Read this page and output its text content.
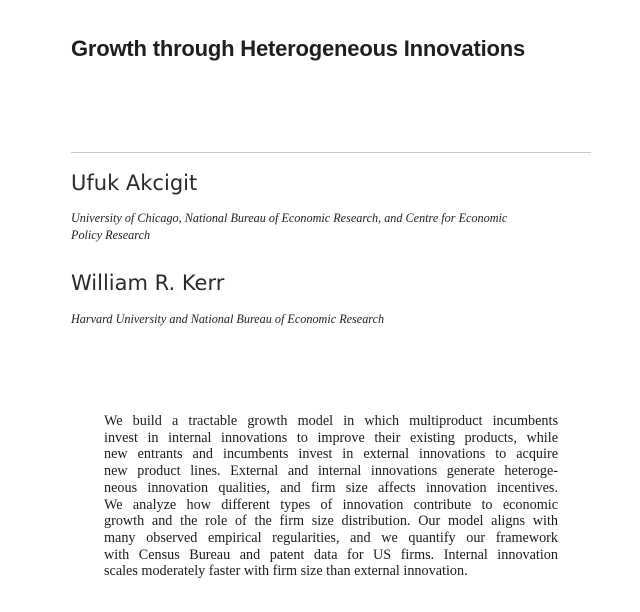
Growth through Heterogeneous Innovations
Ufuk Akcigit
University of Chicago, National Bureau of Economic Research, and Centre for Economic
Policy Research
William R. Kerr
Harvard University and National Bureau of Economic Research
We build a tractable growth model in which multiproduct incumbents
invest in internal innovations to improve their existing products, while
new entrants and incumbents invest in external innovations to acquire
new product lines. External and internal innovations generate heteroge-
neous innovation qualities, and firm size affects innovation incentives.
We analyze how different types of innovation contribute to economic
growth and the role of the firm size distribution. Our model aligns with
many observed empirical regularities, and we quantify our framework
with Census Bureau and patent data for US firms. Internal innovation
scales moderately faster with firm size than external innovation.
